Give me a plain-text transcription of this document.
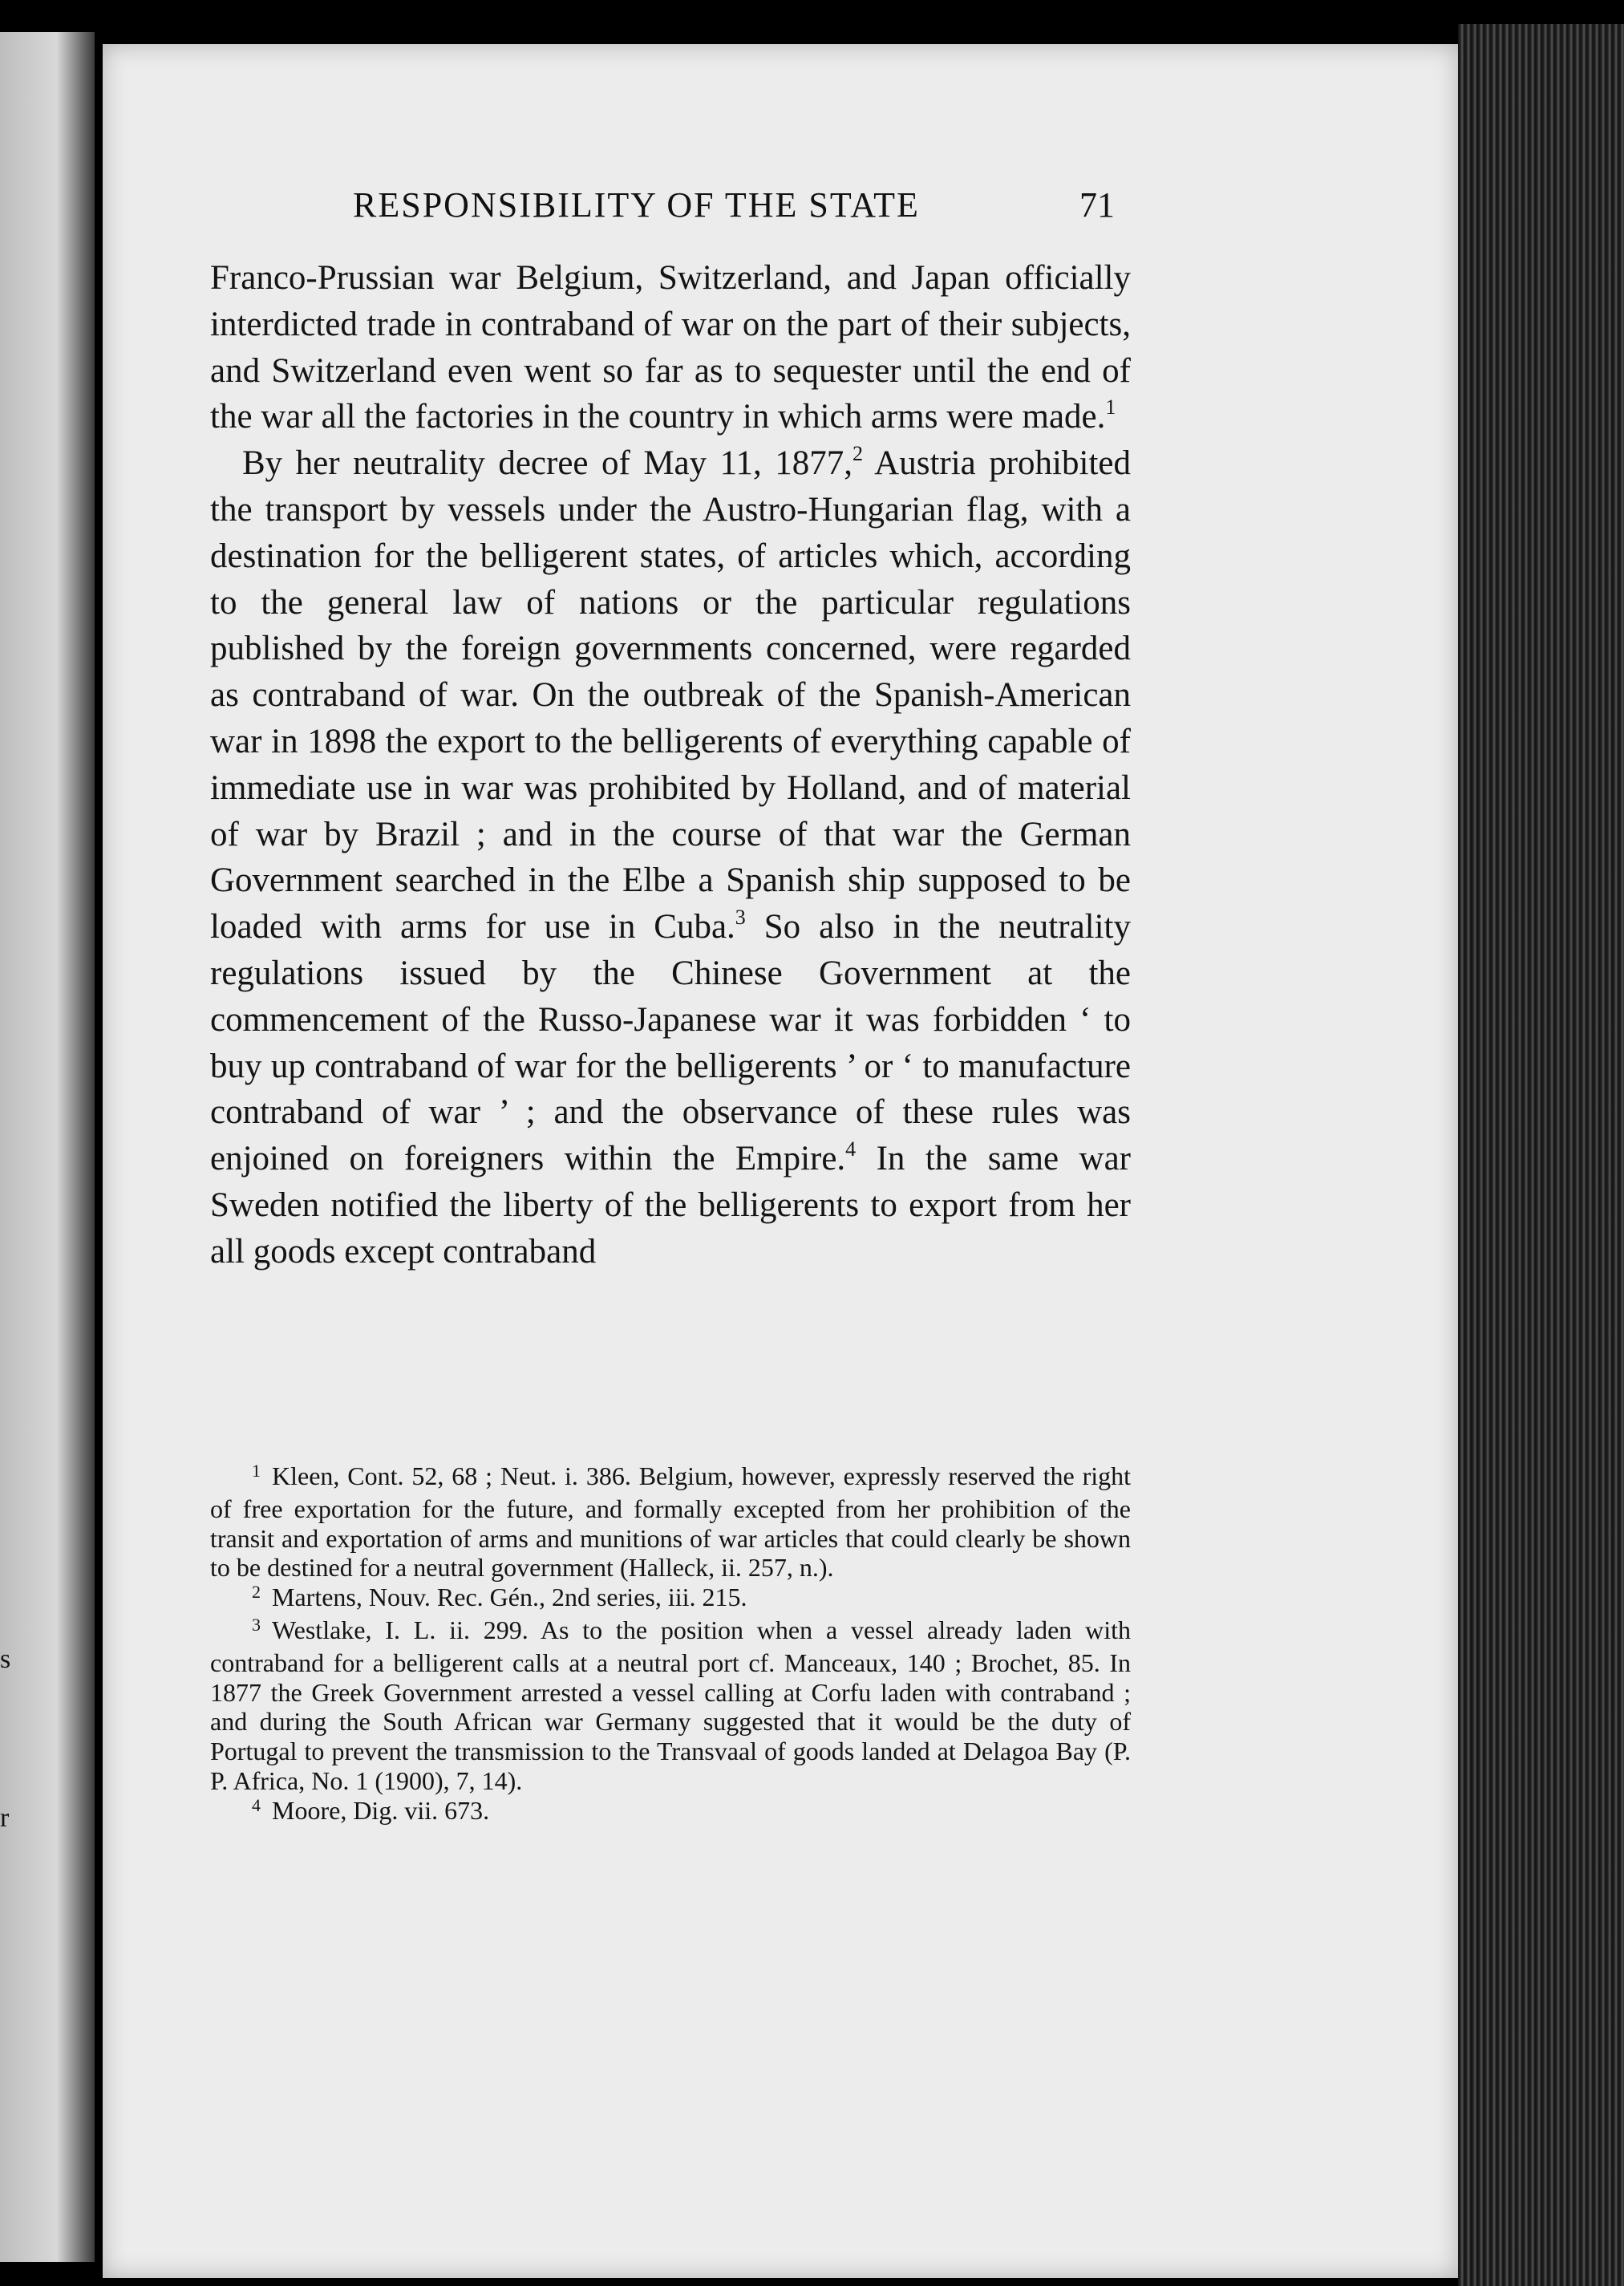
s
r
RESPONSIBILITY OF THE STATE	71

Franco-Prussian war Belgium, Switzerland, and Japan officially interdicted trade in contraband of war on the part of their subjects, and Switzerland even went so far as to sequester until the end of the war all the factories in the country in which arms were made.$^1$

By her neutrality decree of May 11, 1877,$^2$ Austria prohibited the transport by vessels under the Austro-Hungarian flag, with a destination for the belligerent states, of articles which, according to the general law of nations or the particular regulations published by the foreign governments concerned, were regarded as contraband of war. On the outbreak of the Spanish-American war in 1898 the export to the belligerents of everything capable of immediate use in war was prohibited by Holland, and of material of war by Brazil ; and in the course of that war the German Government searched in the Elbe a Spanish ship supposed to be loaded with arms for use in Cuba.$^3$ So also in the neutrality regulations issued by the Chinese Government at the commencement of the Russo-Japanese war it was forbidden ‘ to buy up contraband of war for the belligerents ’ or ‘ to manufacture contraband of war ’ ; and the observance of these rules was enjoined on foreigners within the Empire.$^4$ In the same war Sweden notified the liberty of the belligerents to export from her all goods except contraband

$^1$ Kleen, Cont. 52, 68 ; Neut. i. 386. Belgium, however, expressly reserved the right of free exportation for the future, and formally excepted from her prohibition of the transit and exportation of arms and munitions of war articles that could clearly be shown to be destined for a neutral government (Halleck, ii. 257, n.).

$^2$ Martens, Nouv. Rec. Gén., 2nd series, iii. 215.

$^3$ Westlake, I. L. ii. 299. As to the position when a vessel already laden with contraband for a belligerent calls at a neutral port cf. Manceaux, 140 ; Brochet, 85. In 1877 the Greek Government arrested a vessel calling at Corfu laden with contraband ; and during the South African war Germany suggested that it would be the duty of Portugal to prevent the transmission to the Transvaal of goods landed at Delagoa Bay (P. P. Africa, No. 1 (1900), 7, 14).

$^4$ Moore, Dig. vii. 673.
